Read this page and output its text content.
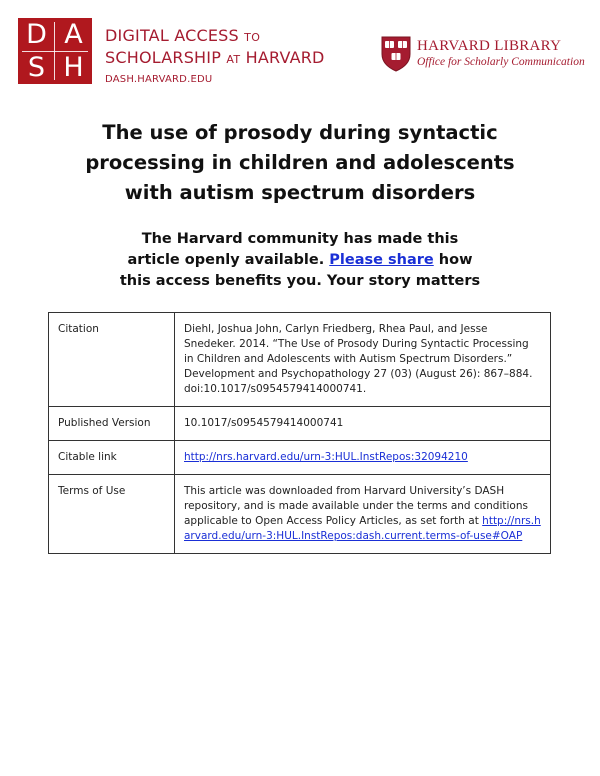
D A
S H
DIGITAL ACCESS TO
SCHOLARSHIP AT HARVARD
DASH.HARVARD.EDU
HARVARD LIBRARY
Office for Scholarly Communication
The use of prosody during syntactic
processing in children and adolescents
with autism spectrum disorders
The Harvard community has made this
article openly available. Please share how
this access benefits you. Your story matters
Citation	Diehl, Joshua John, Carlyn Friedberg, Rhea Paul, and Jesse Snedeker. 2014. “The Use of Prosody During Syntactic Processing in Children and Adolescents with Autism Spectrum Disorders.” Development and Psychopathology 27 (03) (August 26): 867–884. doi:10.1017/s0954579414000741.
Published Version	10.1017/s0954579414000741
Citable link	http://nrs.harvard.edu/urn-3:HUL.InstRepos:32094210
Terms of Use	This article was downloaded from Harvard University’s DASH repository, and is made available under the terms and conditions applicable to Open Access Policy Articles, as set forth at http://nrs.harvard.edu/urn-3:HUL.InstRepos:dash.current.terms-of-use#OAP
